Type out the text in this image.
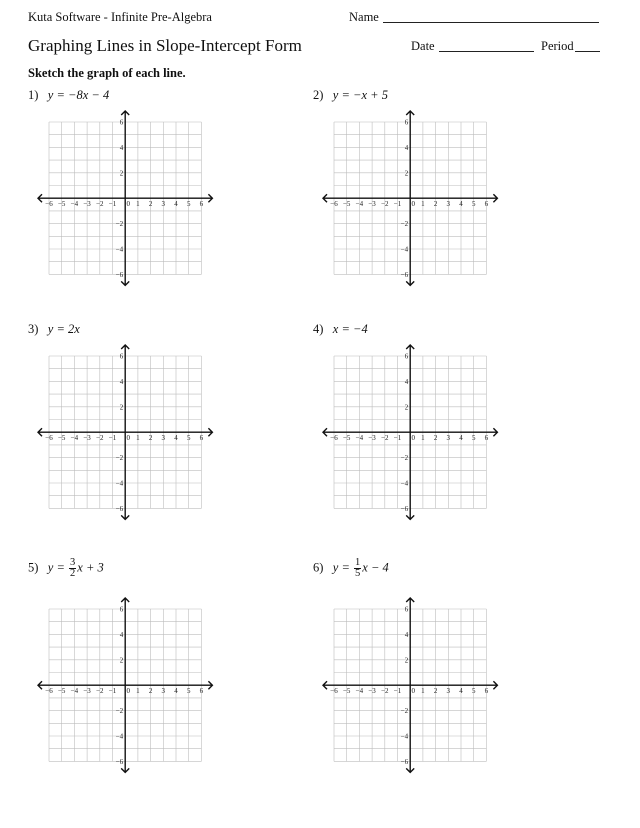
Kuta Software - Infinite Pre-Algebra	Name
Graphing Lines in Slope-Intercept Form	Date	Period
Sketch the graph of each line.
1) y = −8x − 4	2) y = −x + 5
3) y = 2x	4) x = −4
5) $y = \frac{3}{2}$ x + 3	6) $y = \frac{1}{5}$ x − 4
−6 −5 −4 −3 −2 −1 0 1 2 3 4 5 6
6
4
2
−2
−4
−6
−6 −5 −4 −3 −2 −1 0 1 2 3 4 5 6
6
4
2
−2
−4
−6
−6 −5 −4 −3 −2 −1 0 1 2 3 4 5 6
6
4
2
−2
−4
−6
−6 −5 −4 −3 −2 −1 0 1 2 3 4 5 6
6
4
2
−2
−4
−6
−6 −5 −4 −3 −2 −1 0 1 2 3 4 5 6
6
4
2
−2
−4
−6
−6 −5 −4 −3 −2 −1 0 1 2 3 4 5 6
6
4
2
−2
−4
−6
